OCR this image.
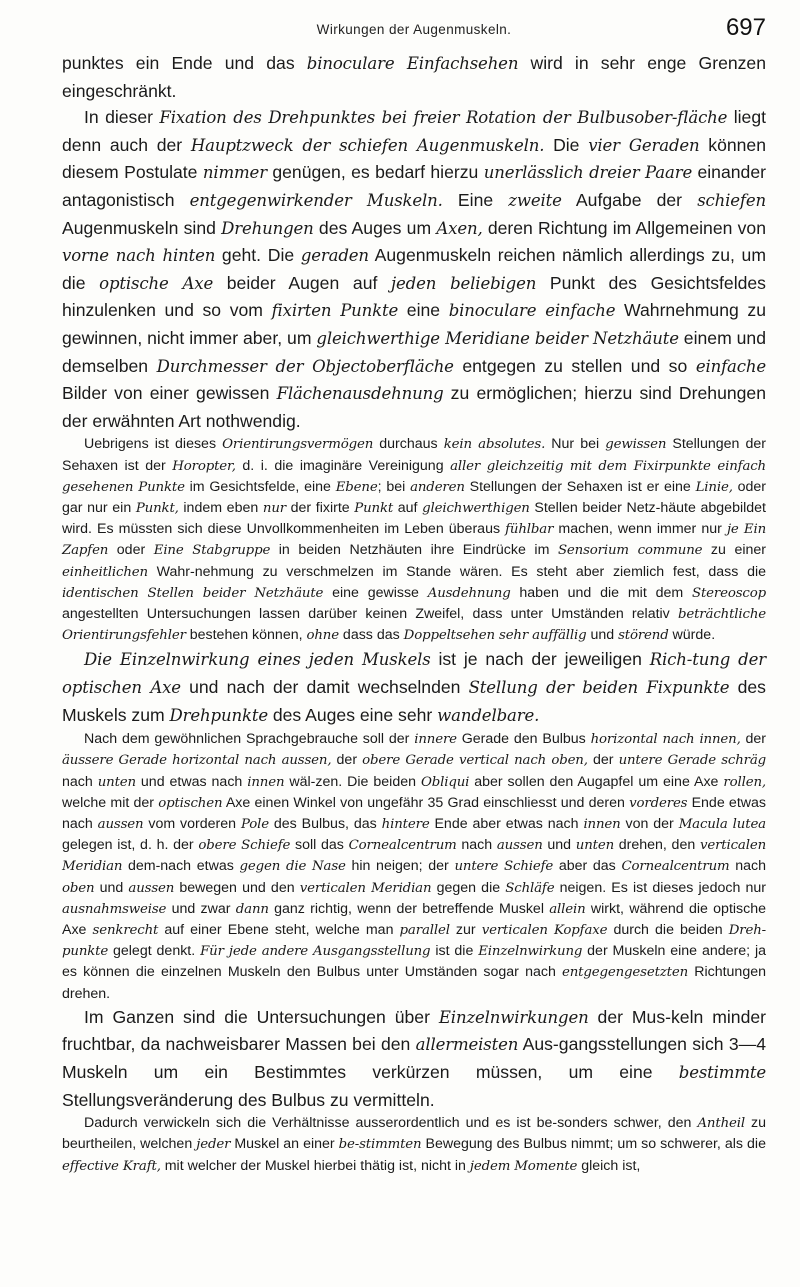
Wirkungen der Augenmuskeln.	697

punktes ein Ende und das binoculare Einfachsehen wird in sehr enge Grenzen eingeschränkt.

In dieser Fixation des Drehpunktes bei freier Rotation der Bulbusober-fläche liegt denn auch der Hauptzweck der schiefen Augenmuskeln. Die vier Geraden können diesem Postulate nimmer genügen, es bedarf hierzu unerlässlich dreier Paare einander antagonistisch entgegenwirkender Muskeln. Eine zweite Aufgabe der schiefen Augenmuskeln sind Drehungen des Auges um Axen, deren Richtung im Allgemeinen von vorne nach hinten geht. Die geraden Augenmuskeln reichen nämlich allerdings zu, um die optische Axe beider Augen auf jeden beliebigen Punkt des Gesichtsfeldes hinzulenken und so vom fixirten Punkte eine binoculare einfache Wahrnehmung zu gewinnen, nicht immer aber, um gleichwerthige Meridiane beider Netzhäute einem und demselben Durchmesser der Objectoberfläche entgegen zu stellen und so einfache Bilder von einer gewissen Flächenausdehnung zu ermöglichen; hierzu sind Drehungen der erwähnten Art nothwendig.

Uebrigens ist dieses Orientirungsvermögen durchaus kein absolutes. Nur bei gewissen Stellungen der Sehaxen ist der Horopter, d. i. die imaginäre Vereinigung aller gleichzeitig mit dem Fixirpunkte einfach gesehenen Punkte im Gesichtsfelde, eine Ebene; bei anderen Stellungen der Sehaxen ist er eine Linie, oder gar nur ein Punkt, indem eben nur der fixirte Punkt auf gleichwerthigen Stellen beider Netz-häute abgebildet wird. Es müssten sich diese Unvollkommenheiten im Leben überaus fühlbar machen, wenn immer nur je Ein Zapfen oder Eine Stabgruppe in beiden Netzhäuten ihre Eindrücke im Sensorium commune zu einer einheitlichen Wahr-nehmung zu verschmelzen im Stande wären. Es steht aber ziemlich fest, dass die identischen Stellen beider Netzhäute eine gewisse Ausdehnung haben und die mit dem Stereoscop angestellten Untersuchungen lassen darüber keinen Zweifel, dass unter Umständen relativ beträchtliche Orientirungsfehler bestehen können, ohne dass das Doppeltsehen sehr auffällig und störend würde.

Die Einzelnwirkung eines jeden Muskels ist je nach der jeweiligen Rich-tung der optischen Axe und nach der damit wechselnden Stellung der beiden Fixpunkte des Muskels zum Drehpunkte des Auges eine sehr wandelbare.

Nach dem gewöhnlichen Sprachgebrauche soll der innere Gerade den Bulbus horizontal nach innen, der äussere Gerade horizontal nach aussen, der obere Gerade vertical nach oben, der untere Gerade schräg nach unten und etwas nach innen wäl-zen. Die beiden Obliqui aber sollen den Augapfel um eine Axe rollen, welche mit der optischen Axe einen Winkel von ungefähr 35 Grad einschliesst und deren vorderes Ende etwas nach aussen vom vorderen Pole des Bulbus, das hintere Ende aber etwas nach innen von der Macula lutea gelegen ist, d. h. der obere Schiefe soll das Cornealcentrum nach aussen und unten drehen, den verticalen Meridian dem-nach etwas gegen die Nase hin neigen; der untere Schiefe aber das Cornealcentrum nach oben und aussen bewegen und den verticalen Meridian gegen die Schläfe neigen. Es ist dieses jedoch nur ausnahmsweise und zwar dann ganz richtig, wenn der betreffende Muskel allein wirkt, während die optische Axe senkrecht auf einer Ebene steht, welche man parallel zur verticalen Kopfaxe durch die beiden Dreh-punkte gelegt denkt. Für jede andere Ausgangsstellung ist die Einzelnwirkung der Muskeln eine andere; ja es können die einzelnen Muskeln den Bulbus unter Umständen sogar nach entgegengesetzten Richtungen drehen.

Im Ganzen sind die Untersuchungen über Einzelnwirkungen der Mus-keln minder fruchtbar, da nachweisbarer Massen bei den allermeisten Aus-gangsstellungen sich 3—4 Muskeln um ein Bestimmtes verkürzen müssen, um eine bestimmte Stellungsveränderung des Bulbus zu vermitteln.

Dadurch verwickeln sich die Verhältnisse ausserordentlich und es ist be-sonders schwer, den Antheil zu beurtheilen, welchen jeder Muskel an einer be-stimmten Bewegung des Bulbus nimmt; um so schwerer, als die effective Kraft, mit welcher der Muskel hierbei thätig ist, nicht in jedem Momente gleich ist,
